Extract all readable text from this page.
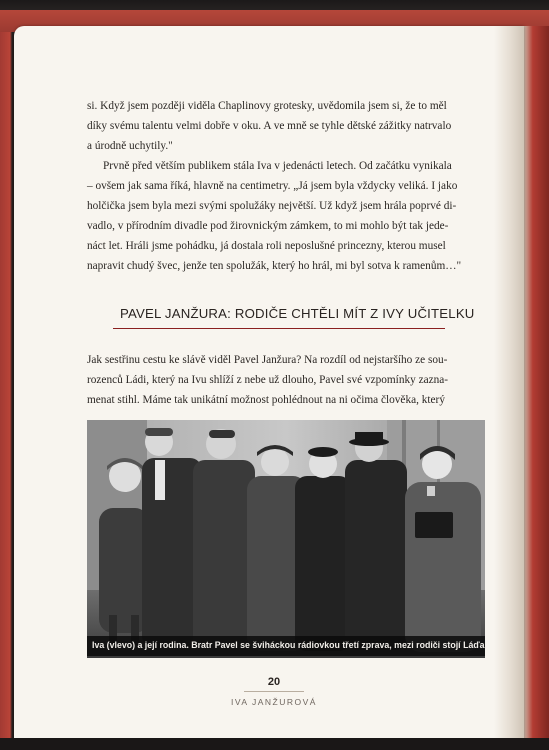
si. Když jsem později viděla Chaplinovy grotesky, uvědomila jsem si, že to měl
díky svému talentu velmi dobře v oku. A ve mně se tyhle dětské zážitky natrvalo
a úrodně uchytily."
Prvně před větším publikem stála Iva v jedenácti letech. Od začátku vynikala
– ovšem jak sama říká, hlavně na centimetry. „Já jsem byla vždycky veliká. I jako
holčička jsem byla mezi svými spolužáky největší. Už když jsem hrála poprvé di-
vadlo, v přírodním divadle pod žirovnickým zámkem, to mi mohlo být tak jede-
náct let. Hráli jsme pohádku, já dostala roli neposlušné princezny, kterou musel
napravit chudý švec, jenže ten spolužák, který ho hrál, mi byl sotva k ramenům…"
PAVEL JANŽURA: RODIČE CHTĚLI MÍT Z IVY UČITELKU
Jak sestřinu cestu ke slávě viděl Pavel Janžura? Na rozdíl od nejstaršího ze sou-
rozenců Ládi, který na Ivu shlíží z nebe už dlouho, Pavel své vzpomínky zazna-
menat stihl. Máme tak unikátní možnost pohlédnout na ni očima člověka, který
Iva (vlevo) a její rodina. Bratr Pavel se šviháckou rádiovkou třetí zprava, mezi rodiči stojí Láďa.
20
IVA JANŽUROVÁ
